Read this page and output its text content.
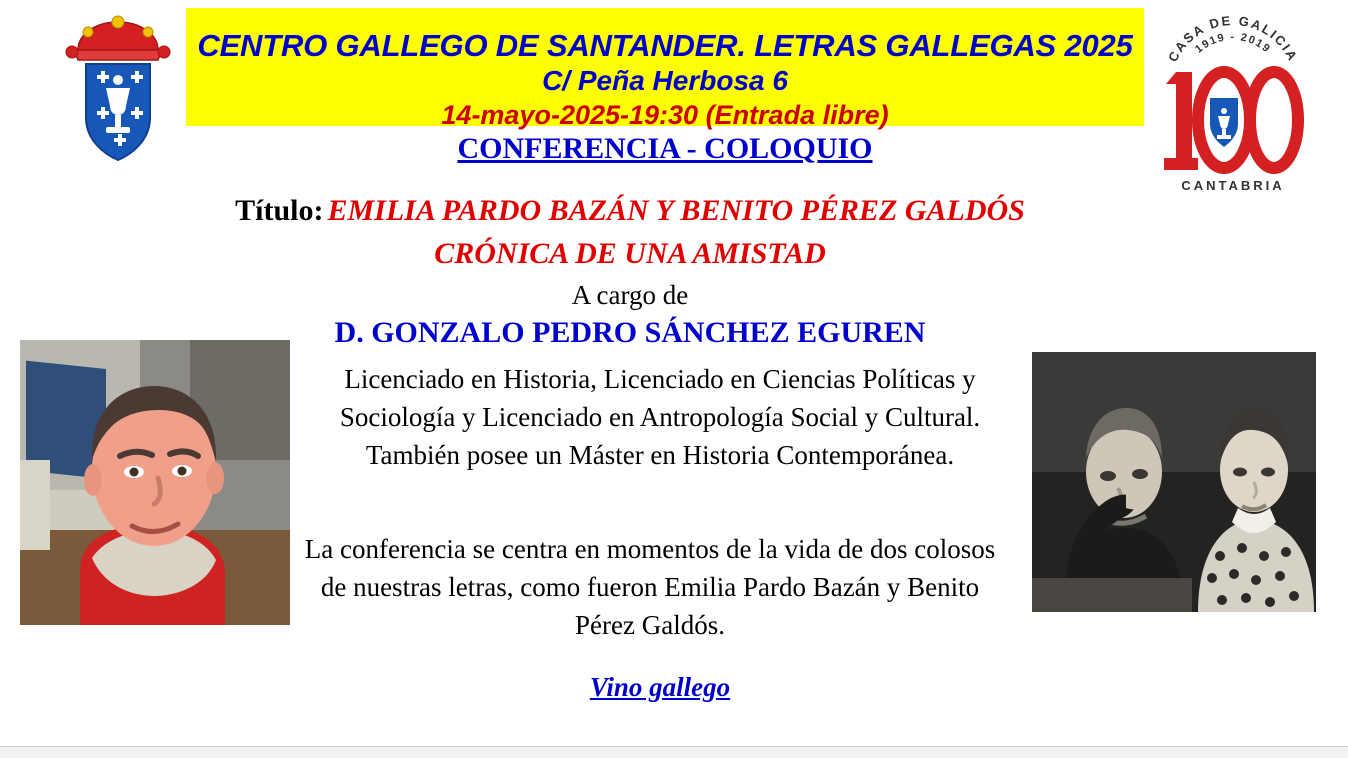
CENTRO GALLEGO DE SANTANDER. LETRAS GALLEGAS 2025
C/ Peña Herbosa 6
14-mayo-2025-19:30 (Entrada libre)
CASA DE GALICIA
1919 - 2019
CANTABRIA
CONFERENCIA - COLOQUIO
Título: EMILIA PARDO BAZÁN Y BENITO PÉREZ GALDÓS
CRÓNICA DE UNA AMISTAD
A cargo de
D. GONZALO PEDRO SÁNCHEZ EGUREN
Licenciado en Historia, Licenciado en Ciencias Políticas y Sociología y Licenciado en Antropología Social y Cultural. También posee un Máster en Historia Contemporánea.
La conferencia se centra en momentos de la vida de dos colosos de nuestras letras, como fueron Emilia Pardo Bazán y Benito Pérez Galdós.
Vino gallego
